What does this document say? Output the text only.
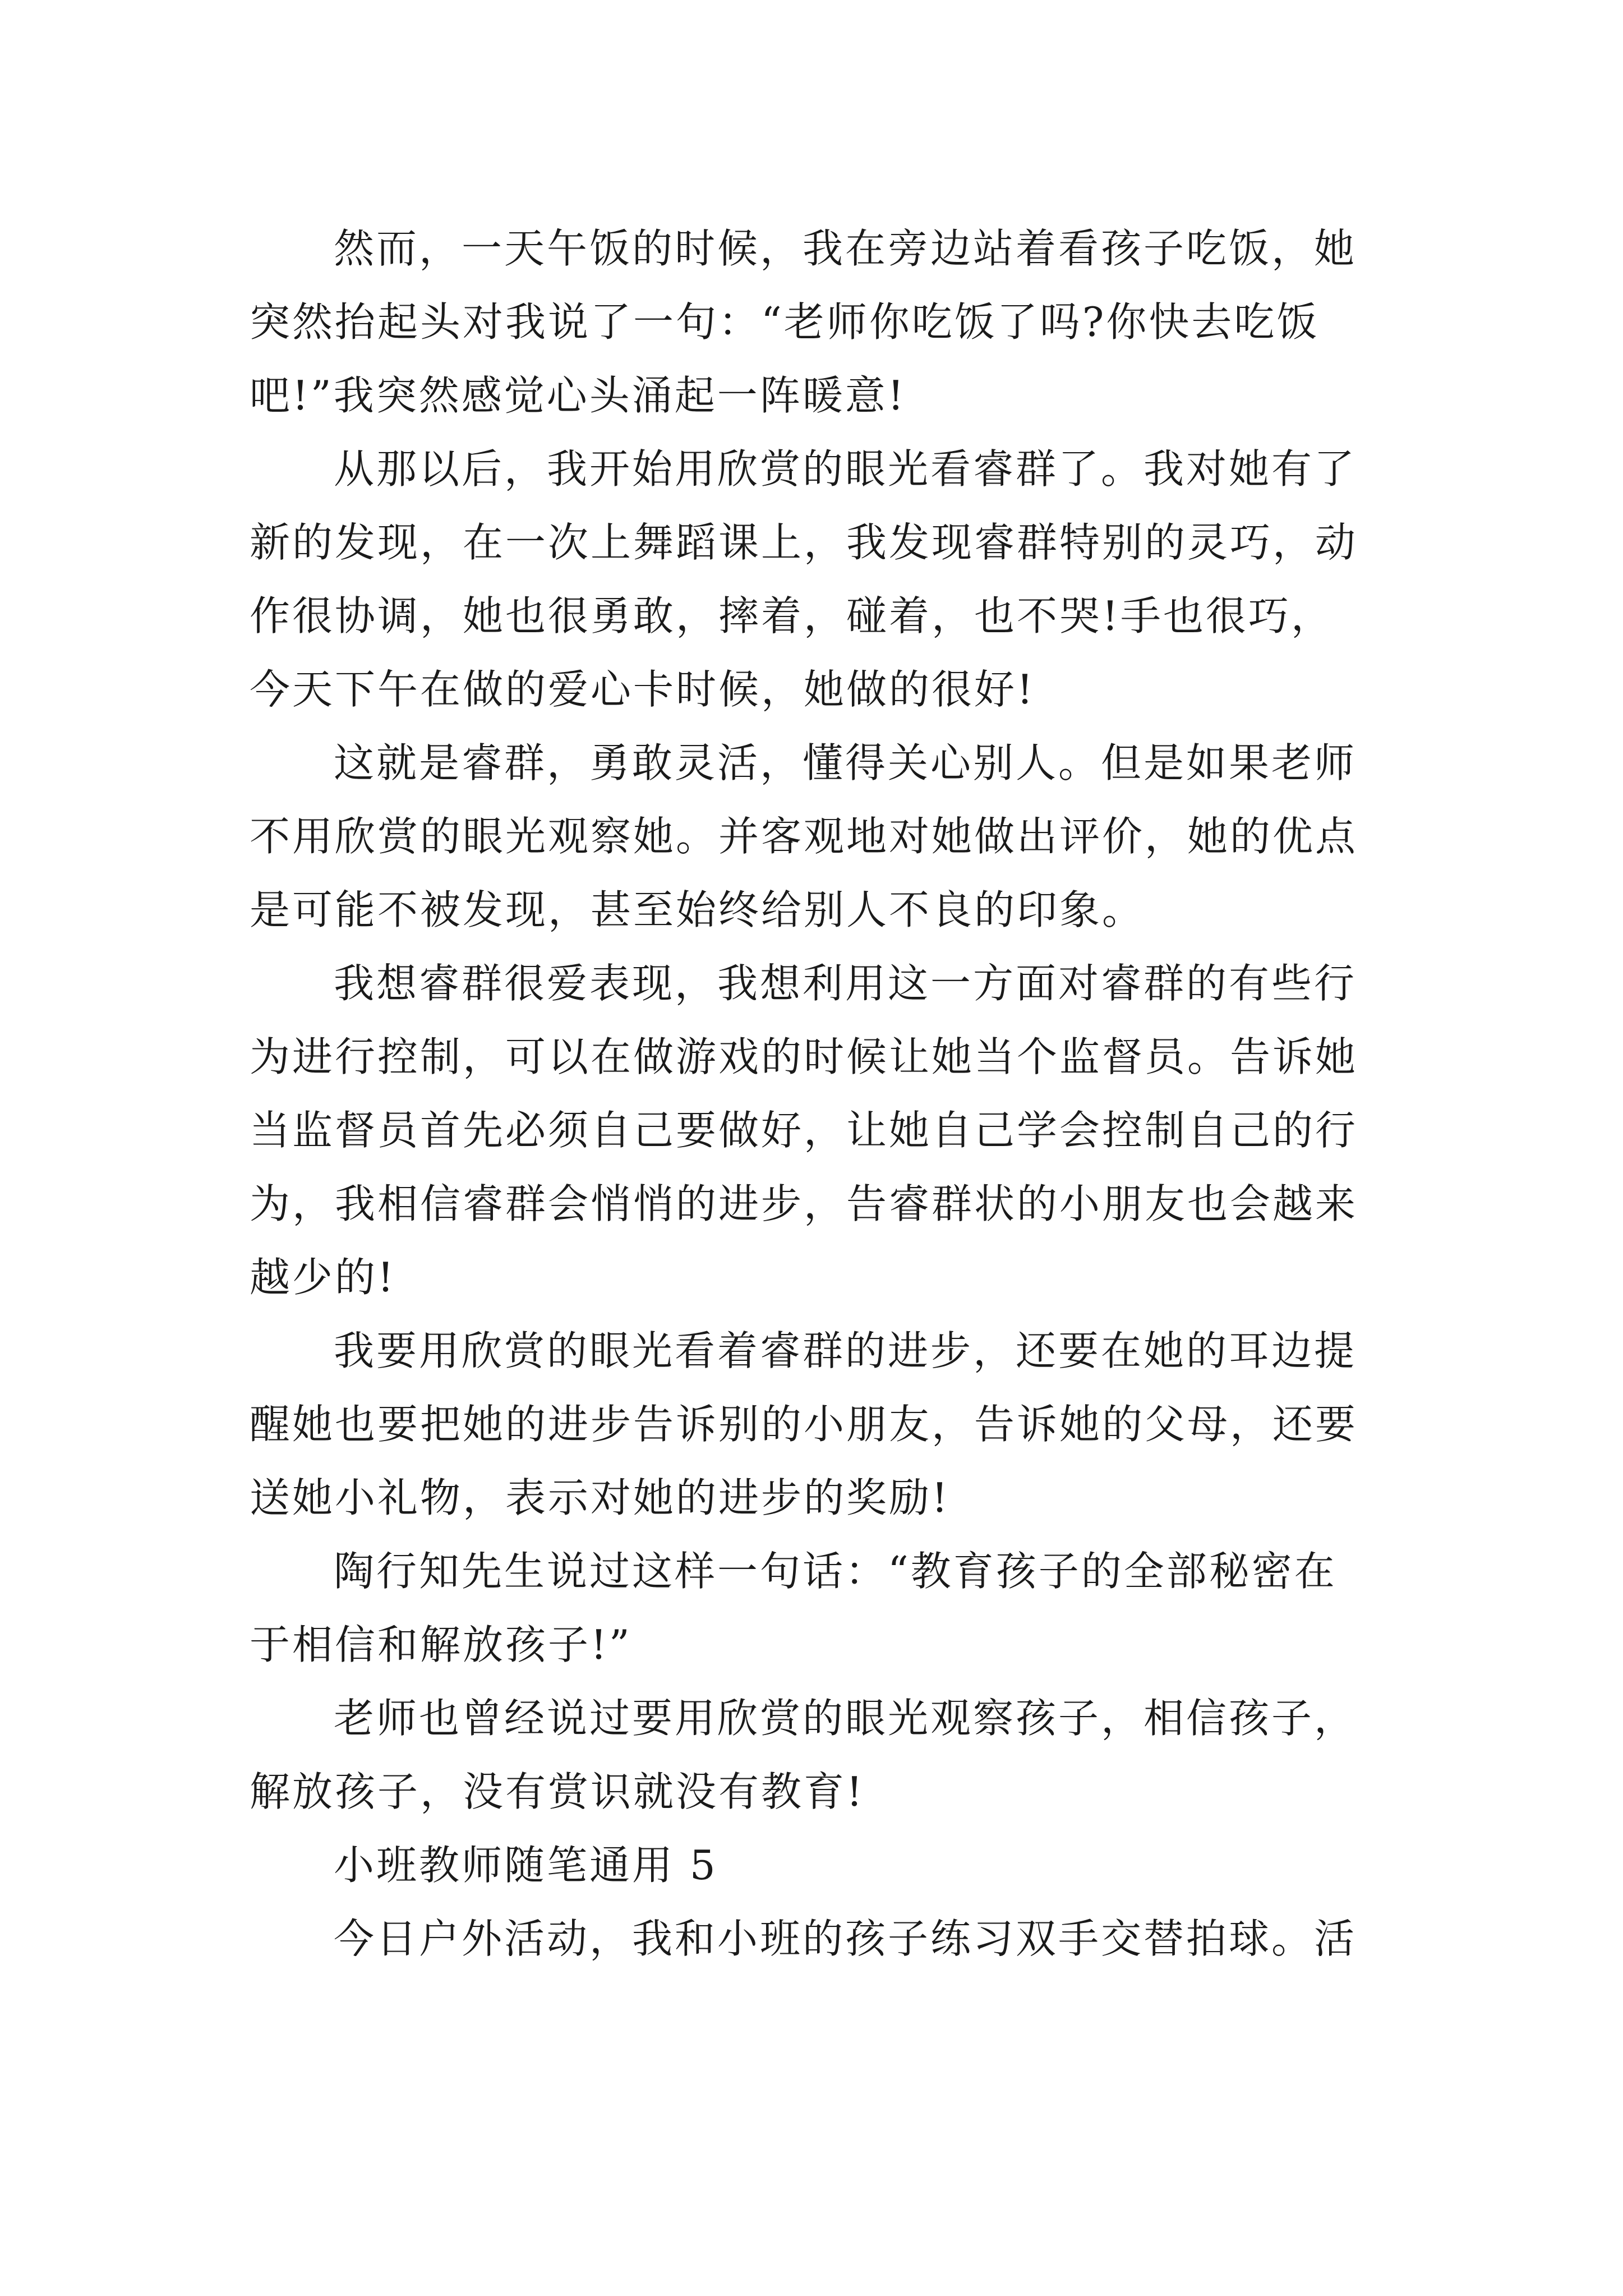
然而，一天午饭的时候，我在旁边站着看孩子吃饭，她
突然抬起头对我说了一句：“老师你吃饭了吗?你快去吃饭
吧!”我突然感觉心头涌起一阵暖意!
从那以后，我开始用欣赏的眼光看睿群了。我对她有了
新的发现，在一次上舞蹈课上，我发现睿群特别的灵巧，动
作很协调，她也很勇敢，摔着，碰着，也不哭!手也很巧，
今天下午在做的爱心卡时候，她做的很好!
这就是睿群，勇敢灵活，懂得关心别人。但是如果老师
不用欣赏的眼光观察她。并客观地对她做出评价，她的优点
是可能不被发现，甚至始终给别人不良的印象。
我想睿群很爱表现，我想利用这一方面对睿群的有些行
为进行控制，可以在做游戏的时候让她当个监督员。告诉她
当监督员首先必须自己要做好，让她自己学会控制自己的行
为，我相信睿群会悄悄的进步，告睿群状的小朋友也会越来
越少的!
我要用欣赏的眼光看着睿群的进步，还要在她的耳边提
醒她也要把她的进步告诉别的小朋友，告诉她的父母，还要
送她小礼物，表示对她的进步的奖励!
陶行知先生说过这样一句话：“教育孩子的全部秘密在
于相信和解放孩子!”
老师也曾经说过要用欣赏的眼光观察孩子，相信孩子，
解放孩子，没有赏识就没有教育!
小班教师随笔通用 5
今日户外活动，我和小班的孩子练习双手交替拍球。活
